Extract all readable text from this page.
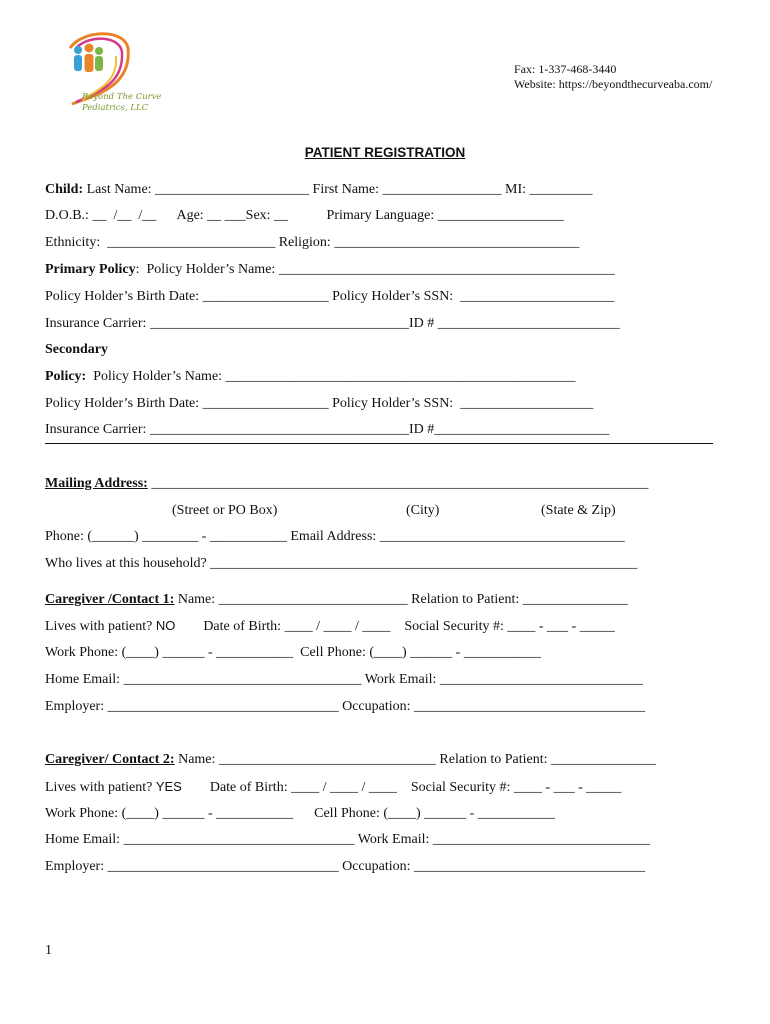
Beyond The Curve
Pediatrics, LLC
Fax: 1-337-468-3440
Website: https://beyondthecurveaba.com/
PATIENT REGISTRATION
Child: Last Name: ______________________ First Name: _________________ MI: _________
D.O.B.: __  /__  /__      Age: __ ___Sex: __           Primary Language: __________________
Ethnicity:  ________________________ Religion: ___________________________________
Primary Policy:  Policy Holder’s Name: ________________________________________________
Policy Holder’s Birth Date: __________________ Policy Holder’s SSN:  ______________________
Insurance Carrier: _____________________________________ID # __________________________
Secondary
Policy:  Policy Holder’s Name: __________________________________________________
Policy Holder’s Birth Date: __________________ Policy Holder’s SSN:  ___________________
Insurance Carrier: _____________________________________ID #_________________________
Mailing Address: _______________________________________________________________________
(Street or PO Box)	(City)	(State & Zip)
Phone: (______) ________ - ___________ Email Address: ___________________________________
Who lives at this household? _____________________________________________________________
Caregiver /Contact 1: Name: ___________________________ Relation to Patient: _______________
Lives with patient? NO        Date of Birth: ____ / ____ / ____    Social Security #: ____ - ___ - _____
Work Phone: (____) ______ - ___________  Cell Phone: (____) ______ - ___________
Home Email: __________________________________ Work Email: _____________________________
Employer: _________________________________ Occupation: _________________________________
Caregiver/ Contact 2: Name: _______________________________ Relation to Patient: _______________
Lives with patient? YES        Date of Birth: ____ / ____ / ____    Social Security #: ____ - ___ - _____
Work Phone: (____) ______ - ___________      Cell Phone: (____) ______ - ___________
Home Email: _________________________________ Work Email: _______________________________
Employer: _________________________________ Occupation: _________________________________
1
